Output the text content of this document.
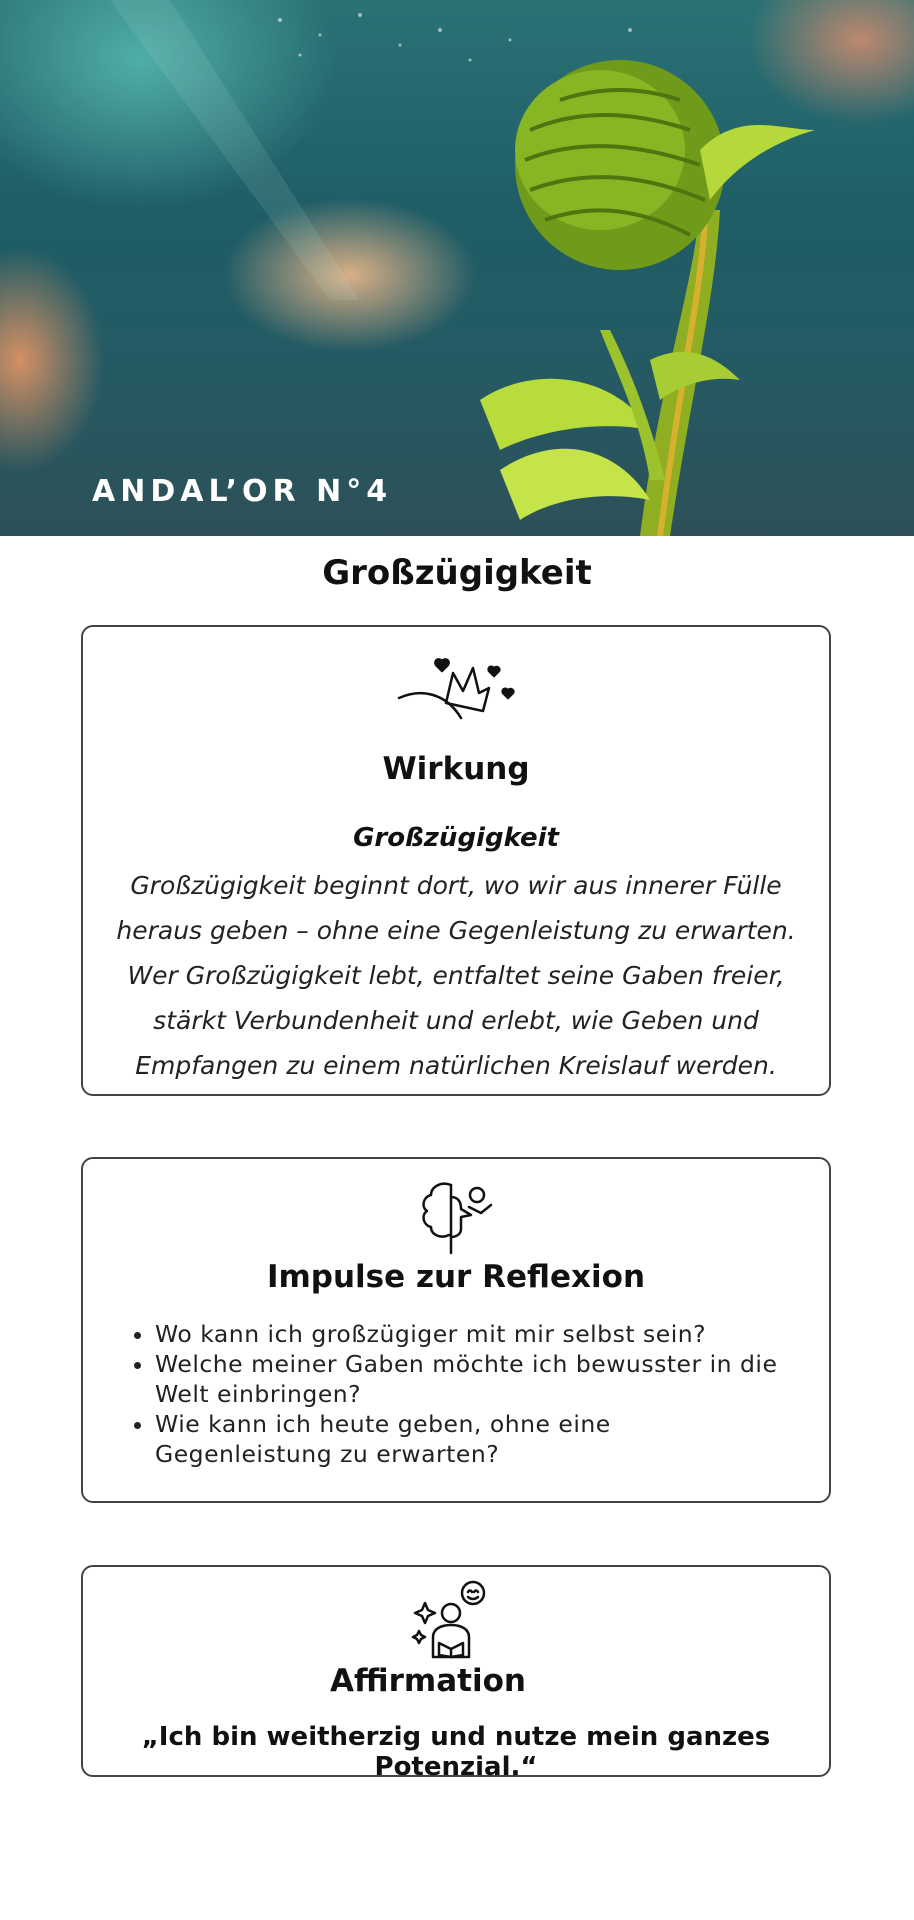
ANDAL’OR N°4
Großzügigkeit
Wirkung
Großzügigkeit
Großzügigkeit beginnt dort, wo wir aus innerer Fülle heraus geben – ohne eine Gegenleistung zu erwarten. Wer Großzügigkeit lebt, entfaltet seine Gaben freier, stärkt Verbundenheit und erlebt, wie Geben und Empfangen zu einem natürlichen Kreislauf werden.
Impulse zur Reflexion
• Wo kann ich großzügiger mit mir selbst sein?
• Welche meiner Gaben möchte ich bewusster in die Welt einbringen?
• Wie kann ich heute geben, ohne eine Gegenleistung zu erwarten?
Affirmation
„Ich bin weitherzig und nutze mein ganzes Potenzial.“
